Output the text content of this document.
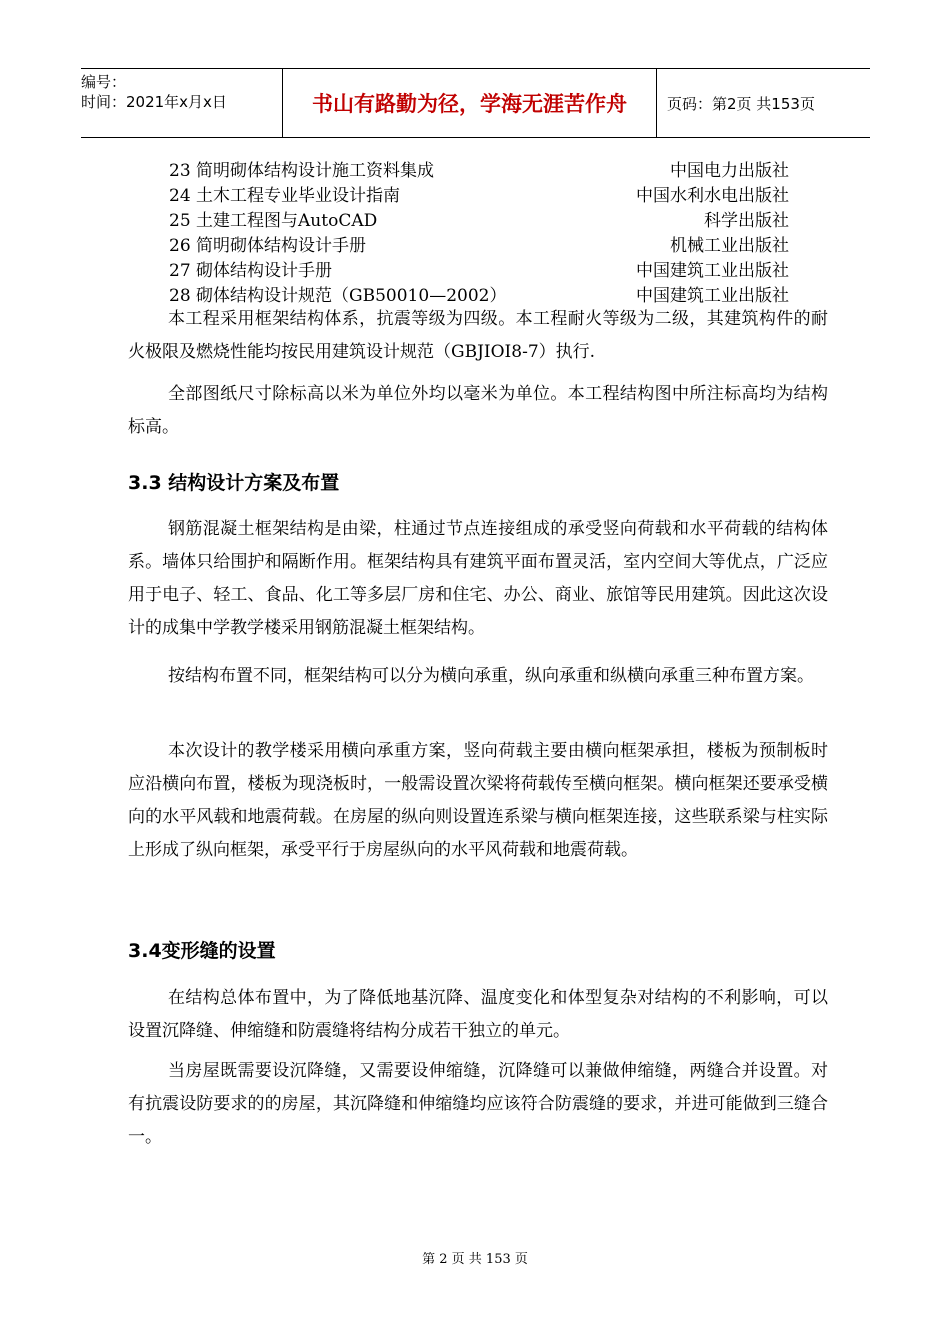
编号：
时间：2021年x月x日	书山有路勤为径，学海无涯苦作舟	页码：第2页 共153页
23 简明砌体结构设计施工资料集成	中国电力出版社
24 土木工程专业毕业设计指南	中国水利水电出版社
25 土建工程图与AutoCAD	科学出版社
26 简明砌体结构设计手册	机械工业出版社
27 砌体结构设计手册	中国建筑工业出版社
28 砌体结构设计规范（GB50010—2002）	中国建筑工业出版社

本工程采用框架结构体系，抗震等级为四级。本工程耐火等级为二级，其建筑构件的耐火极限及燃烧性能均按民用建筑设计规范（GBJIOI8-7）执行.

全部图纸尺寸除标高以米为单位外均以毫米为单位。本工程结构图中所注标高均为结构标高。

3.3 结构设计方案及布置

钢筋混凝土框架结构是由梁，柱通过节点连接组成的承受竖向荷载和水平荷载的结构体系。墙体只给围护和隔断作用。框架结构具有建筑平面布置灵活，室内空间大等优点，广泛应用于电子、轻工、食品、化工等多层厂房和住宅、办公、商业、旅馆等民用建筑。因此这次设计的成集中学教学楼采用钢筋混凝土框架结构。

按结构布置不同，框架结构可以分为横向承重，纵向承重和纵横向承重三种布置方案。

本次设计的教学楼采用横向承重方案，竖向荷载主要由横向框架承担，楼板为预制板时应沿横向布置，楼板为现浇板时，一般需设置次梁将荷载传至横向框架。横向框架还要承受横向的水平风载和地震荷载。在房屋的纵向则设置连系梁与横向框架连接，这些联系梁与柱实际上形成了纵向框架，承受平行于房屋纵向的水平风荷载和地震荷载。

3.4变形缝的设置

在结构总体布置中，为了降低地基沉降、温度变化和体型复杂对结构的不利影响，可以设置沉降缝、伸缩缝和防震缝将结构分成若干独立的单元。

当房屋既需要设沉降缝，又需要设伸缩缝，沉降缝可以兼做伸缩缝，两缝合并设置。对有抗震设防要求的的房屋，其沉降缝和伸缩缝均应该符合防震缝的要求，并进可能做到三缝合一。

第 2 页 共 153 页
